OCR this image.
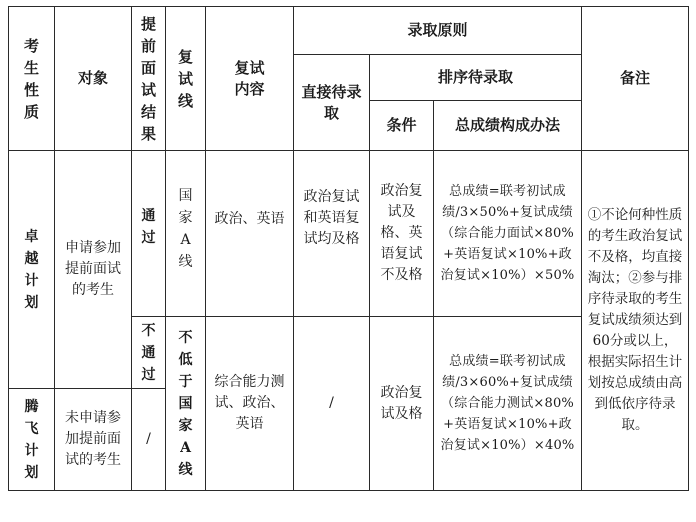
考生性质	对象	提前面试结果	复试线	复试内容	录取原则			备注
					直接待录取	排序待录取		
						条件	总成绩构成办法	
卓越计划	申请参加提前面试的考生	通过	国家A线	政治、英语	政治复试和英语复试均及格	政治复试及格、英语复试不及格	总成绩=联考初试成绩/3×50%+复试成绩（综合能力面试×80%+英语复试×10%+政治复试×10%）×50%	①不论何种性质的考生政治复试不及格，均直接淘汰；②参与排序待录取的考生复试成绩须达到60分或以上，根据实际招生计划按总成绩由高到低依序待录取。
		不通过	不低于国家A线	综合能力测试、政治、英语	/	政治复试及格	总成绩=联考初试成绩/3×60%+复试成绩（综合能力测试×80%+英语复试×10%+政治复试×10%）×40%	
腾飞计划	未申请参加提前面试的考生	/						
